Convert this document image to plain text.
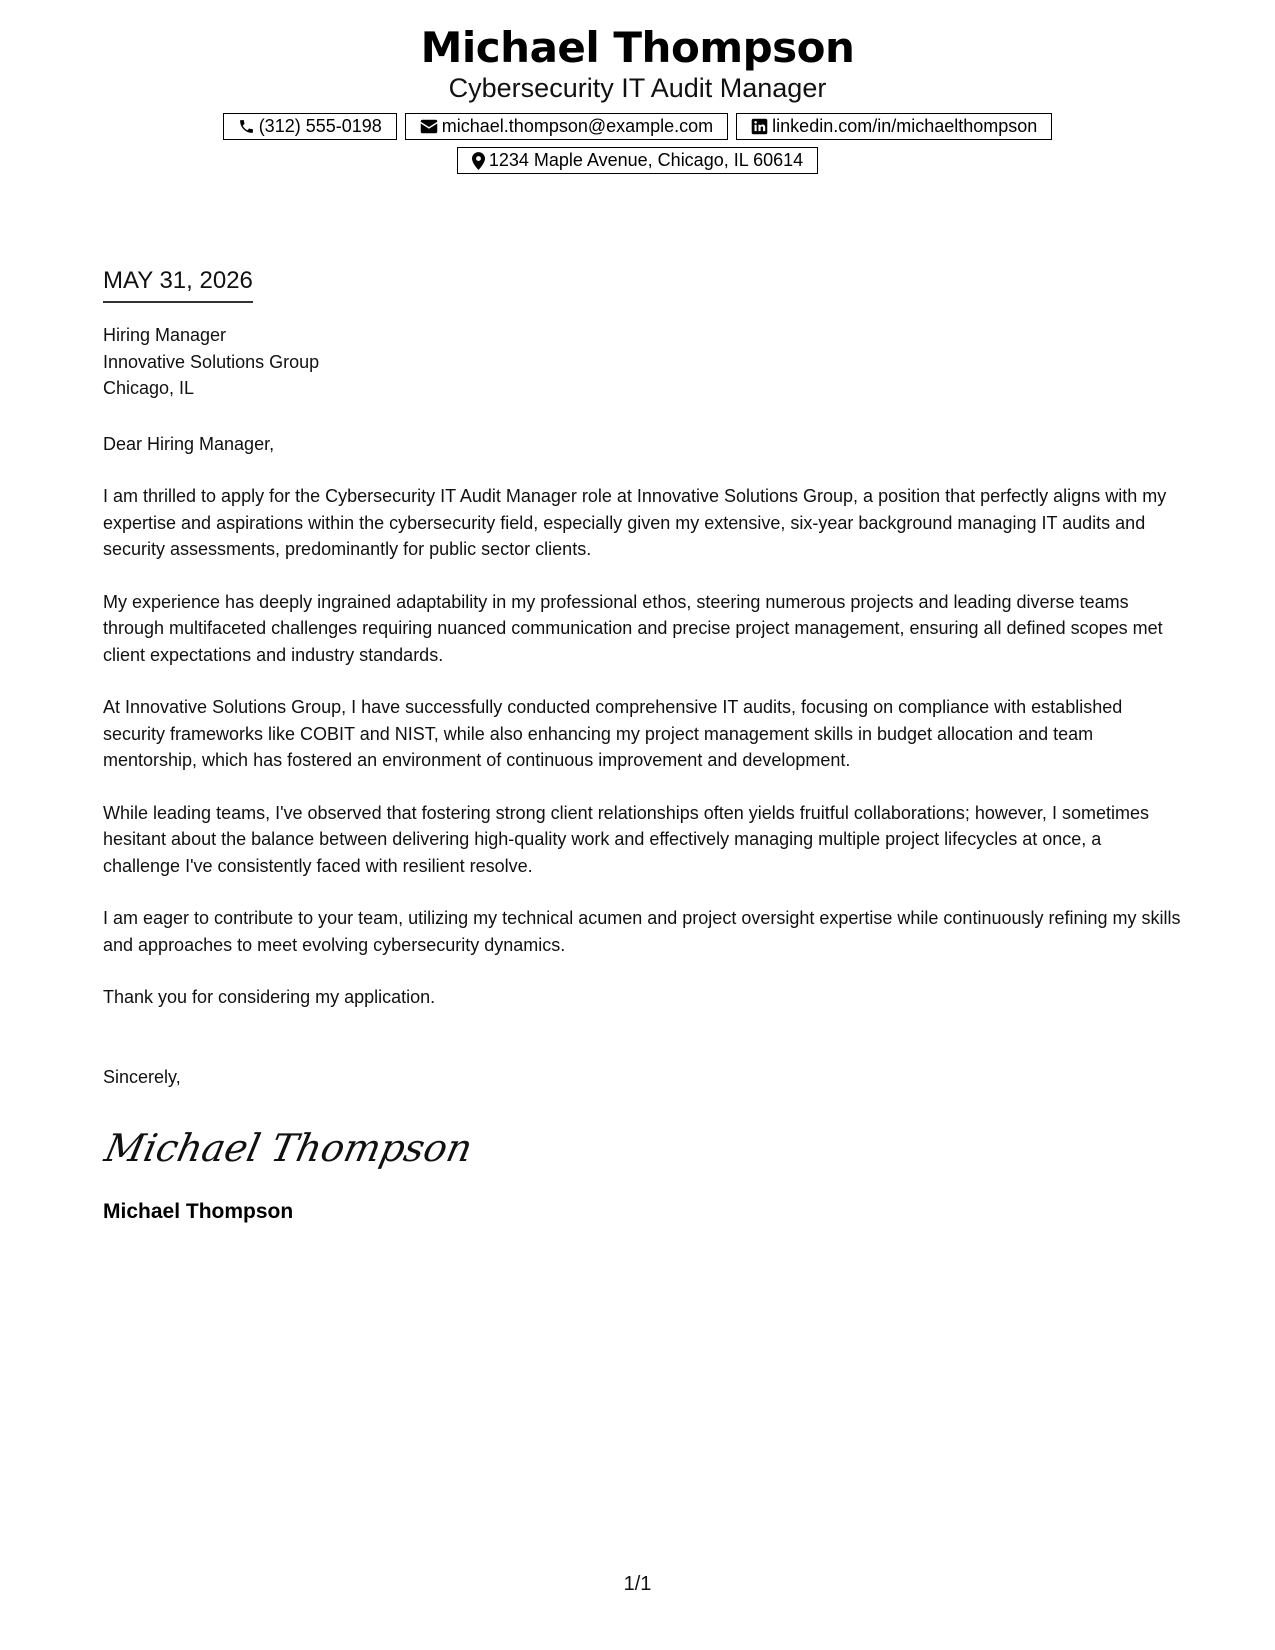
Michael Thompson
Cybersecurity IT Audit Manager
(312) 555-0198	michael.thompson@example.com	linkedin.com/in/michaelthompson
1234 Maple Avenue, Chicago, IL 60614
MAY 31, 2026
Hiring Manager
Innovative Solutions Group
Chicago, IL
Dear Hiring Manager,
I am thrilled to apply for the Cybersecurity IT Audit Manager role at Innovative Solutions Group, a position that perfectly aligns with my expertise and aspirations within the cybersecurity field, especially given my extensive, six-year background managing IT audits and security assessments, predominantly for public sector clients.
My experience has deeply ingrained adaptability in my professional ethos, steering numerous projects and leading diverse teams through multifaceted challenges requiring nuanced communication and precise project management, ensuring all defined scopes met client expectations and industry standards.
At Innovative Solutions Group, I have successfully conducted comprehensive IT audits, focusing on compliance with established security frameworks like COBIT and NIST, while also enhancing my project management skills in budget allocation and team mentorship, which has fostered an environment of continuous improvement and development.
While leading teams, I've observed that fostering strong client relationships often yields fruitful collaborations; however, I sometimes hesitant about the balance between delivering high-quality work and effectively managing multiple project lifecycles at once, a challenge I've consistently faced with resilient resolve.
I am eager to contribute to your team, utilizing my technical acumen and project oversight expertise while continuously refining my skills and approaches to meet evolving cybersecurity dynamics.
Thank you for considering my application.
Sincerely,
Michael Thompson
Michael Thompson
1/1
